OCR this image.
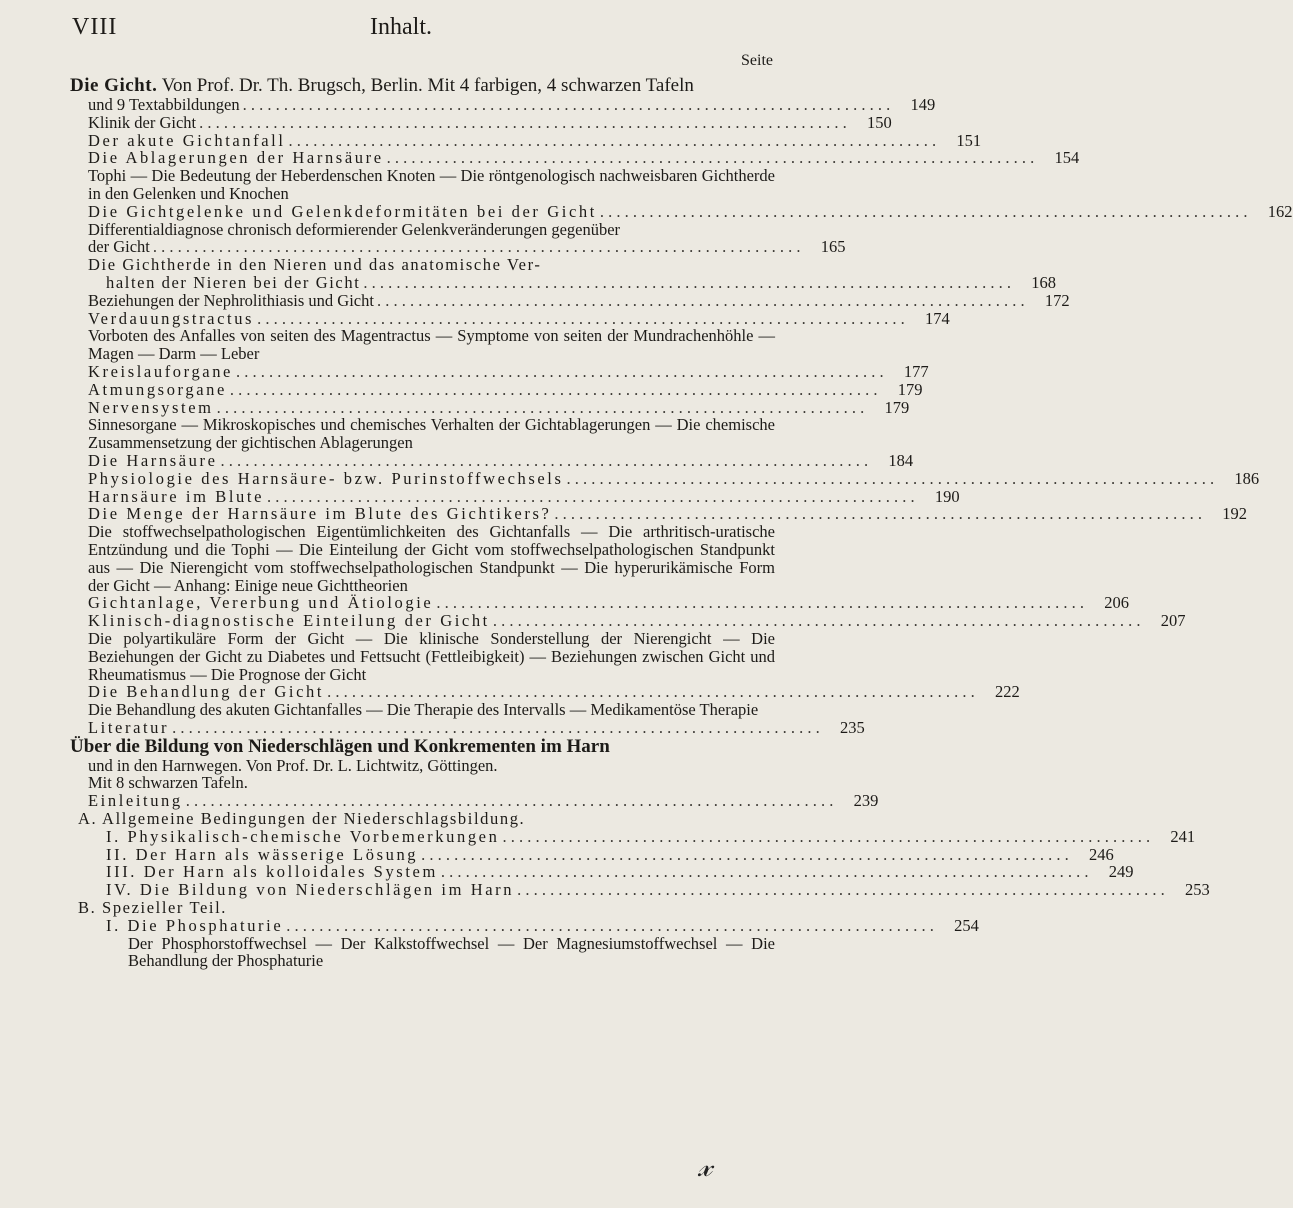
VIII	Inhalt.
Seite
Die Gicht. Von Prof. Dr. Th. Brugsch, Berlin. Mit 4 farbigen, 4 schwarzen Tafeln
und 9 Textabbildungen . . .	149
Klinik der Gicht . . .	150
Der akute Gichtanfall . . .	151
Die Ablagerungen der Harnsäure . . .	154
Tophi — Die Bedeutung der Heberdenschen Knoten — Die röntgenologisch nachweisbaren Gichtherde in den Gelenken und Knochen
Die Gichtgelenke und Gelenkdeformitäten bei der Gicht . . .	162
Differentialdiagnose chronisch deformierender Gelenkveränderungen gegenüber
der Gicht . . .	165
Die Gichtherde in den Nieren und das anatomische Ver-
halten der Nieren bei der Gicht . . .	168
Beziehungen der Nephrolithiasis und Gicht . . .	172
Verdauungstractus . . .	174
Vorboten des Anfalles von seiten des Magentractus — Symptome von seiten der Mundrachenhöhle — Magen — Darm — Leber
Kreislauforgane . . .	177
Atmungsorgane . . .	179
Nervensystem . . .	179
Sinnesorgane — Mikroskopisches und chemisches Verhalten der Gichtablagerungen — Die chemische Zusammensetzung der gichtischen Ablagerungen
Die Harnsäure . . .	184
Physiologie des Harnsäure- bzw. Purinstoffwechsels . . .	186
Harnsäure im Blute . . .	190
Die Menge der Harnsäure im Blute des Gichtikers? . . .	192
Die stoffwechselpathologischen Eigentümlichkeiten des Gichtanfalls — Die arthritisch-uratische Entzündung und die Tophi — Die Einteilung der Gicht vom stoffwechselpathologischen Standpunkt aus — Die Nierengicht vom stoffwechselpathologischen Standpunkt — Die hyperurikämische Form der Gicht — Anhang: Einige neue Gichttheorien
Gichtanlage, Vererbung und Ätiologie . . .	206
Klinisch-diagnostische Einteilung der Gicht . . .	207
Die polyartikuläre Form der Gicht — Die klinische Sonderstellung der Nierengicht — Die Beziehungen der Gicht zu Diabetes und Fettsucht (Fettleibigkeit) — Beziehungen zwischen Gicht und Rheumatismus — Die Prognose der Gicht
Die Behandlung der Gicht . . .	222
Die Behandlung des akuten Gichtanfalles — Die Therapie des Intervalls — Medikamentöse Therapie
Literatur . . .	235
Über die Bildung von Niederschlägen und Konkrementen im Harn
und in den Harnwegen. Von Prof. Dr. L. Lichtwitz, Göttingen.
Mit 8 schwarzen Tafeln.
Einleitung . . .	239
A. Allgemeine Bedingungen der Niederschlagsbildung.
I. Physikalisch-chemische Vorbemerkungen . . .	241
II. Der Harn als wässerige Lösung . . .	246
III. Der Harn als kolloidales System . . .	249
IV. Die Bildung von Niederschlägen im Harn . . .	253
B. Spezieller Teil.
I. Die Phosphaturie . . .	254
Der Phosphorstoffwechsel — Der Kalkstoffwechsel — Der Magnesiumstoffwechsel — Die Behandlung der Phosphaturie
𝓍
